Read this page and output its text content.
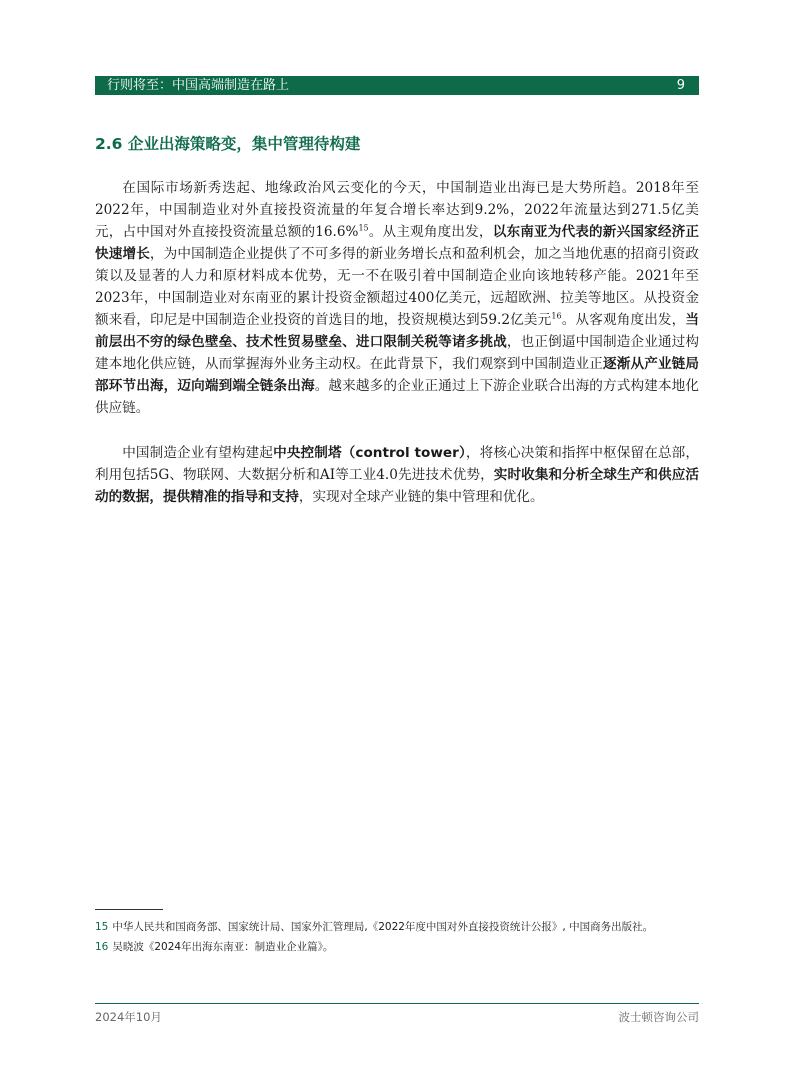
行则将至：中国高端制造在路上	9
2.6 企业出海策略变，集中管理待构建

在国际市场新秀迭起、地缘政治风云变化的今天，中国制造业出海已是大势所趋。2018年至2022年，中国制造业对外直接投资流量的年复合增长率达到9.2%，2022年流量达到271.5亿美元，占中国对外直接投资流量总额的16.6%$^{15}$。从主观角度出发，以东南亚为代表的新兴国家经济正快速增长，为中国制造企业提供了不可多得的新业务增长点和盈利机会，加之当地优惠的招商引资政策以及显著的人力和原材料成本优势，无一不在吸引着中国制造企业向该地转移产能。2021年至2023年，中国制造业对东南亚的累计投资金额超过400亿美元，远超欧洲、拉美等地区。从投资金额来看，印尼是中国制造企业投资的首选目的地，投资规模达到59.2亿美元$^{16}$。从客观角度出发，当前层出不穷的绿色壁垒、技术性贸易壁垒、进口限制关税等诸多挑战，也正倒逼中国制造企业通过构建本地化供应链，从而掌握海外业务主动权。在此背景下，我们观察到中国制造业正逐渐从产业链局部环节出海，迈向端到端全链条出海。越来越多的企业正通过上下游企业联合出海的方式构建本地化供应链。

中国制造企业有望构建起中央控制塔（control tower），将核心决策和指挥中枢保留在总部，利用包括5G、物联网、大数据分析和AI等工业4.0先进技术优势，实时收集和分析全球生产和供应活动的数据，提供精准的指导和支持，实现对全球产业链的集中管理和优化。

15 中华人民共和国商务部、国家统计局、国家外汇管理局,《2022年度中国对外直接投资统计公报》, 中国商务出版社。

16 吴晓波《2024年出海东南亚：制造业企业篇》。

2024年10月	波士顿咨询公司
